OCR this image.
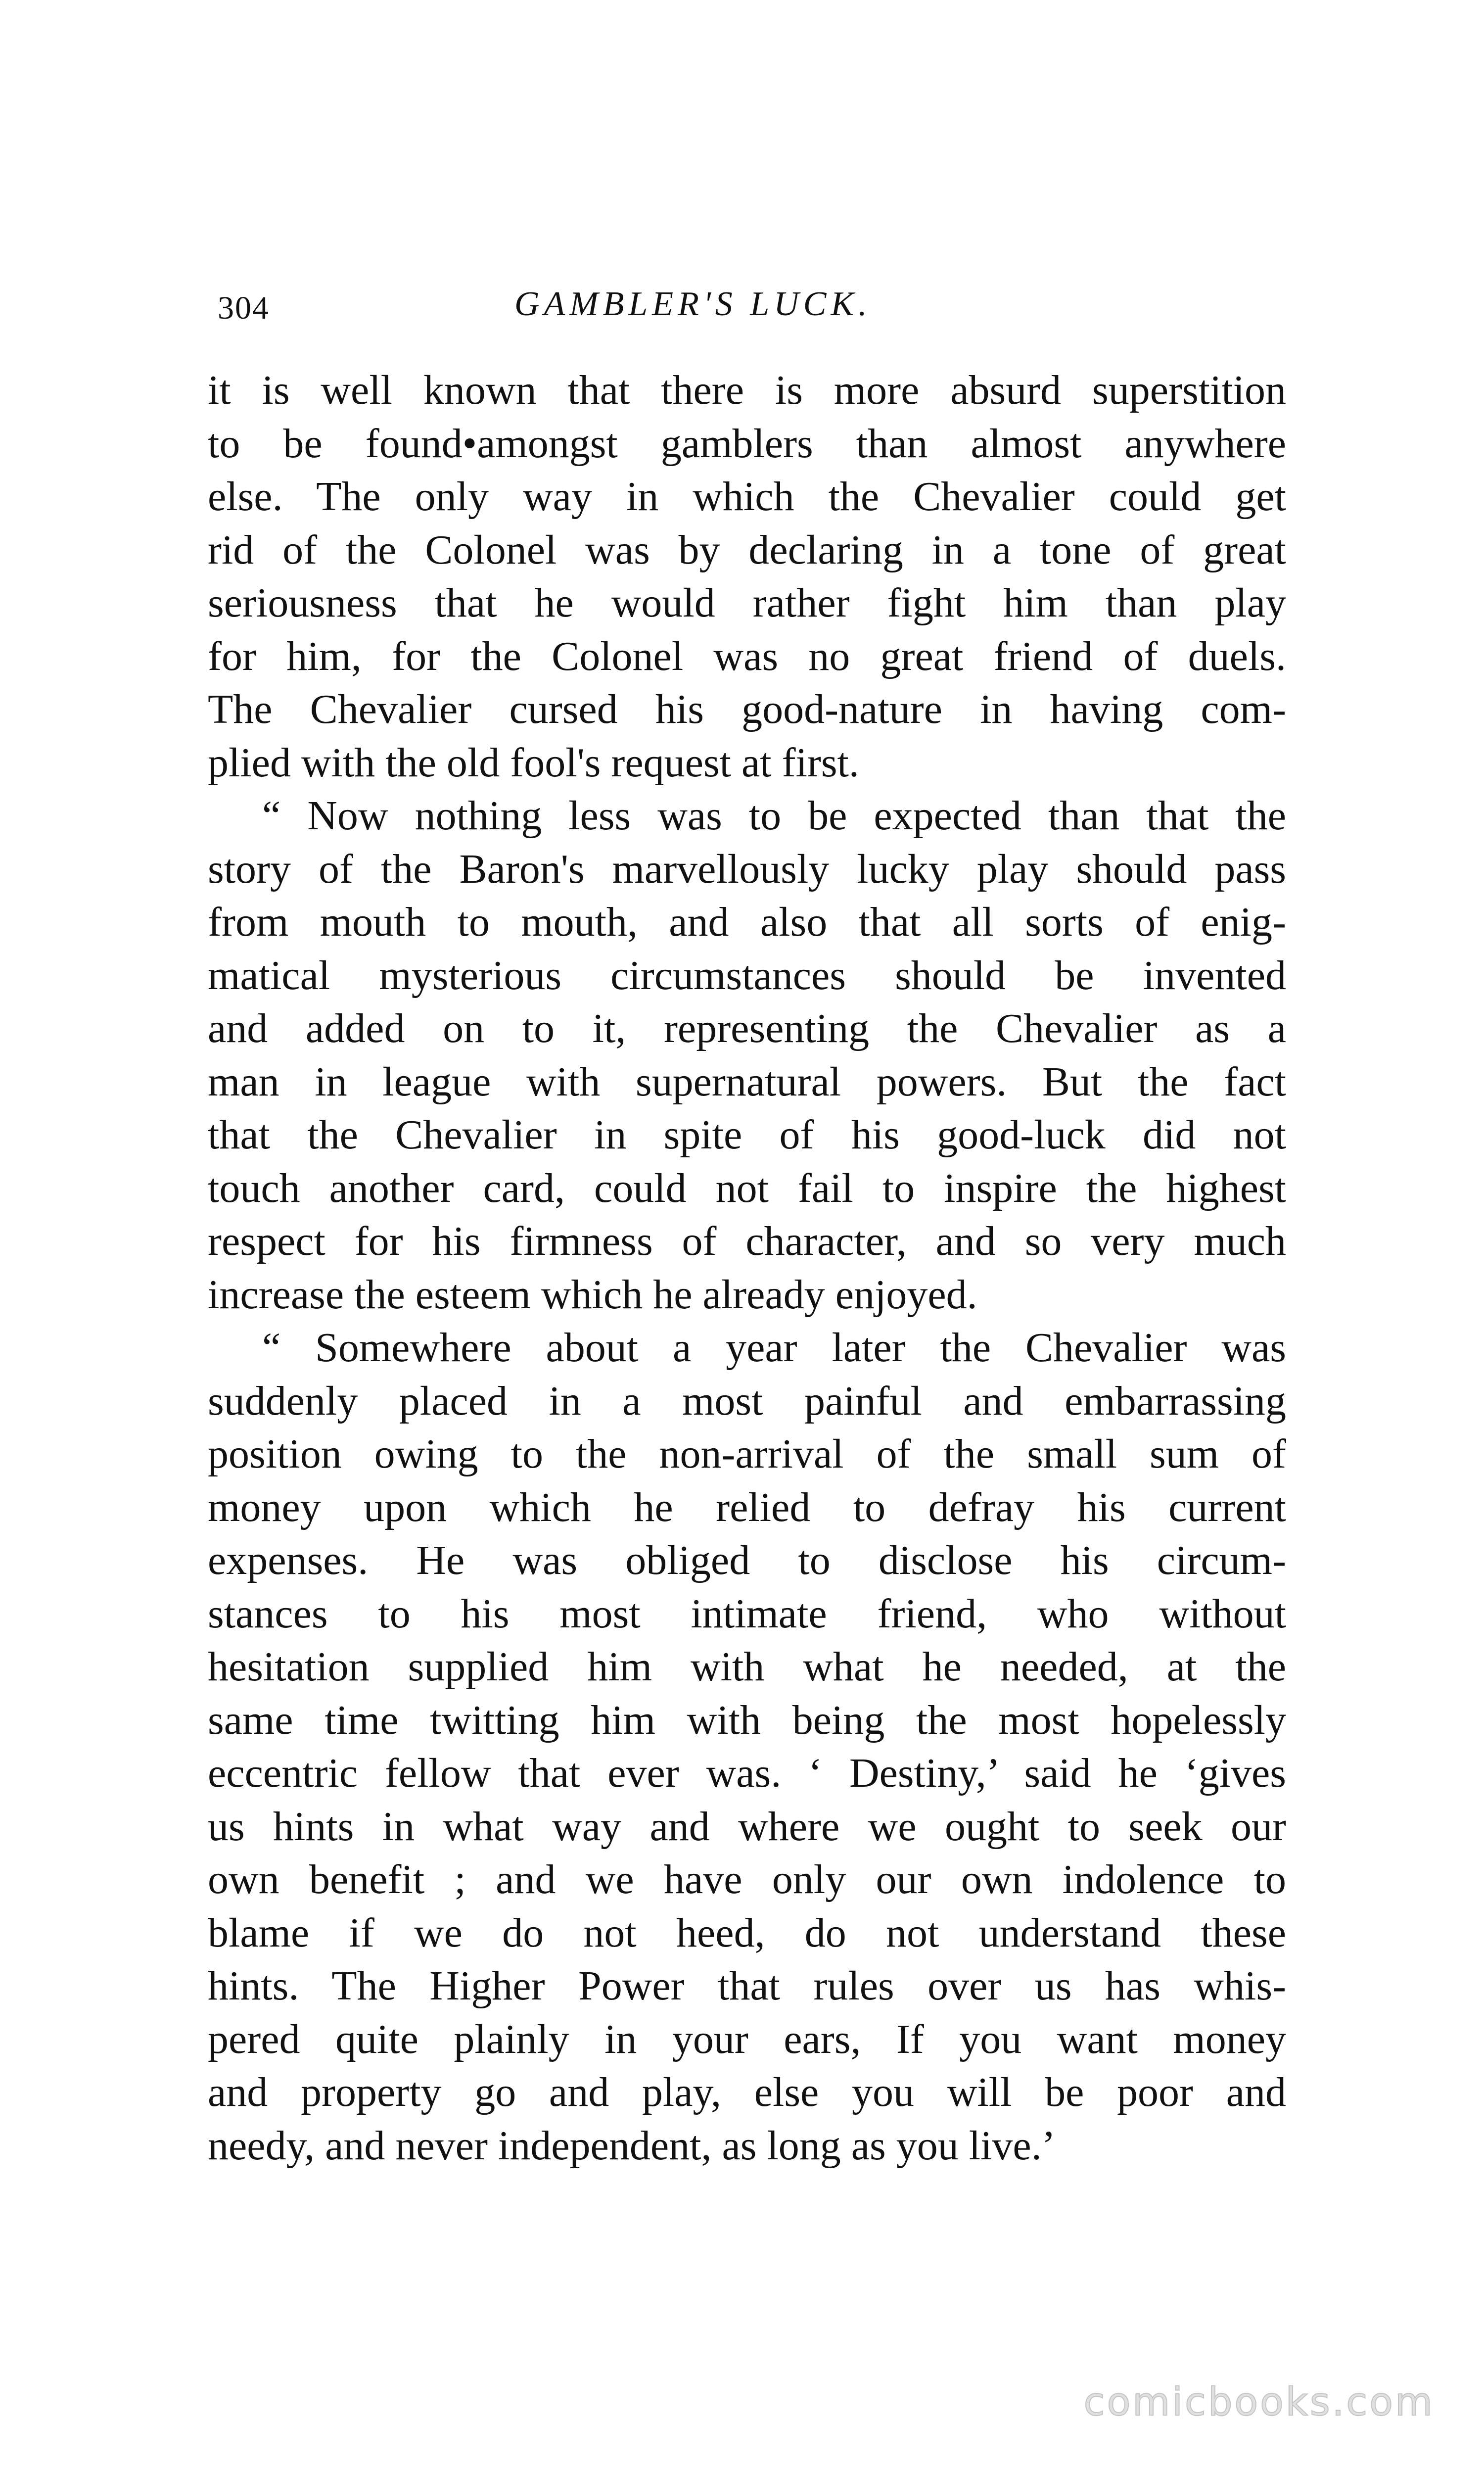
304	GAMBLER'S LUCK.
it is well known that there is more absurd superstition
to be found•amongst gamblers than almost anywhere
else. The only way in which the Chevalier could get
rid of the Colonel was by declaring in a tone of great
seriousness that he would rather fight him than play
for him, for the Colonel was no great friend of duels.
The Chevalier cursed his good-nature in having com-
plied with the old fool's request at first.
“ Now nothing less was to be expected than that the
story of the Baron's marvellously lucky play should pass
from mouth to mouth, and also that all sorts of enig-
matical mysterious circumstances should be invented
and added on to it, representing the Chevalier as a
man in league with supernatural powers. But the fact
that the Chevalier in spite of his good-luck did not
touch another card, could not fail to inspire the highest
respect for his firmness of character, and so very much
increase the esteem which he already enjoyed.
“ Somewhere about a year later the Chevalier was
suddenly placed in a most painful and embarrassing
position owing to the non-arrival of the small sum of
money upon which he relied to defray his current
expenses. He was obliged to disclose his circum-
stances to his most intimate friend, who without
hesitation supplied him with what he needed, at the
same time twitting him with being the most hopelessly
eccentric fellow that ever was. ‘ Destiny,’ said he ‘gives
us hints in what way and where we ought to seek our
own benefit ; and we have only our own indolence to
blame if we do not heed, do not understand these
hints. The Higher Power that rules over us has whis-
pered quite plainly in your ears, If you want money
and property go and play, else you will be poor and
needy, and never independent, as long as you live.’
comicbooks.com
